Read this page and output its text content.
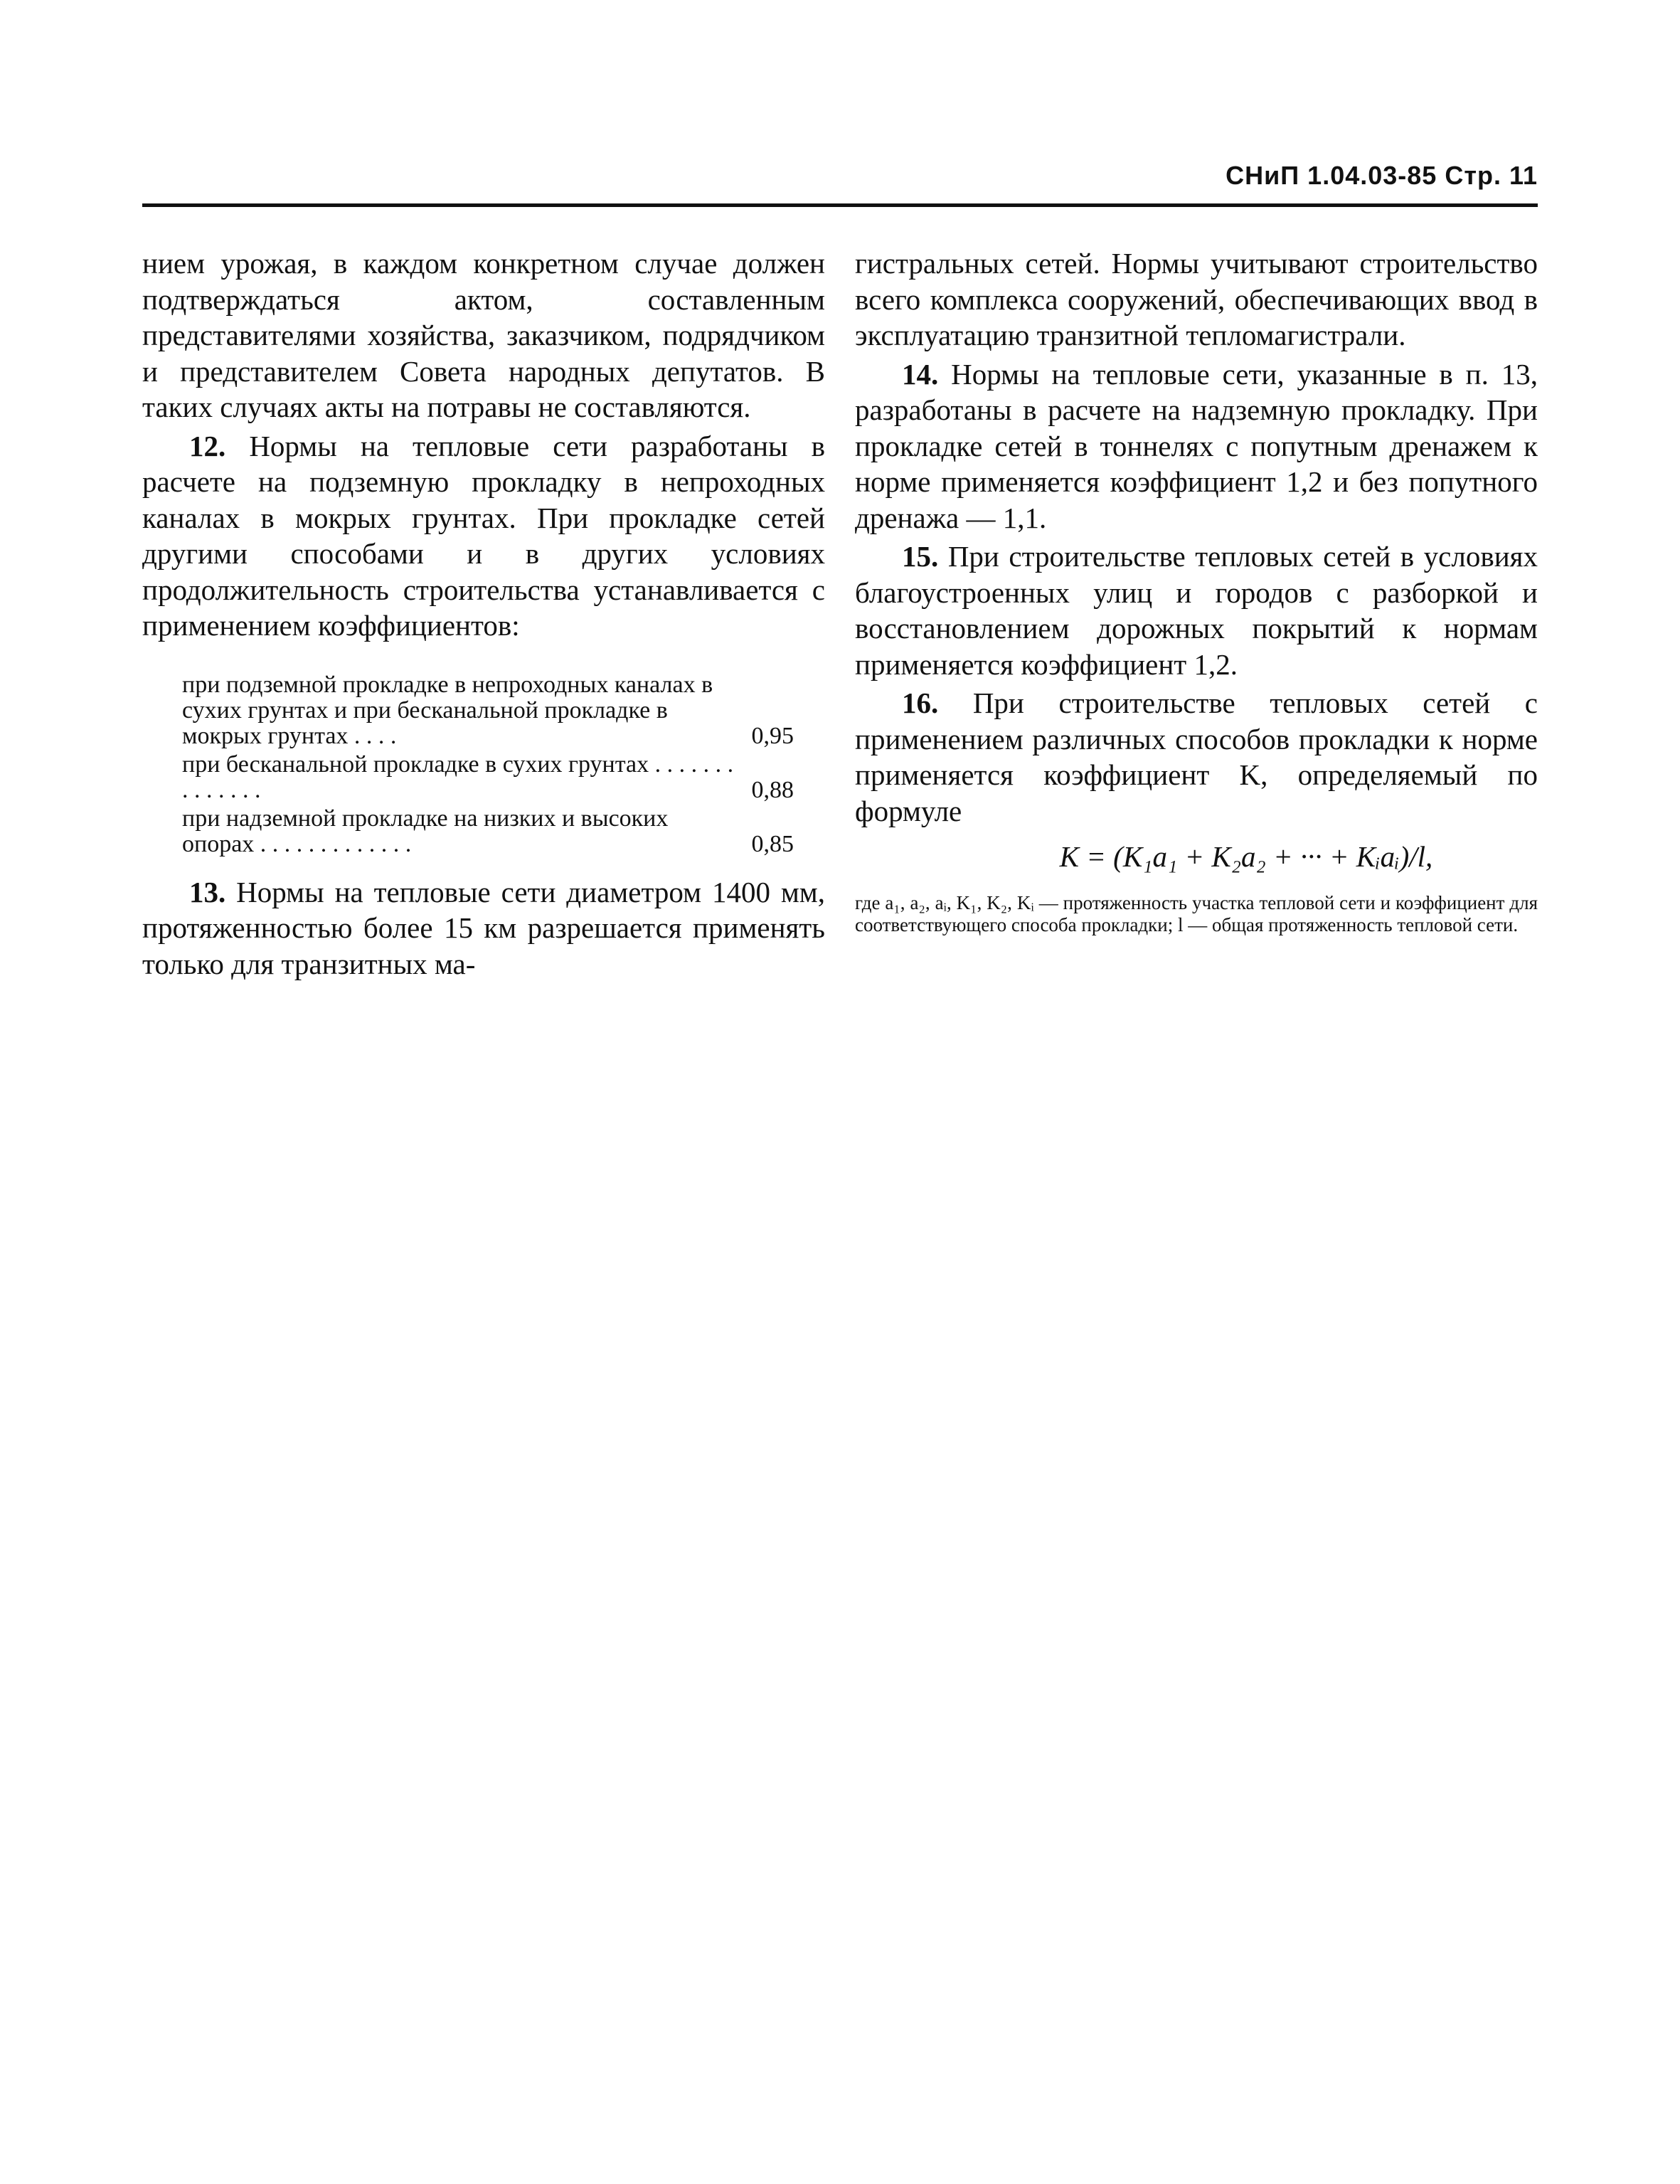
СНиП 1.04.03-85 Стр. 11

нием урожая, в каждом конкретном случае должен подтверждаться актом, составленным представителями хозяйства, заказчиком, подрядчиком и представителем Совета народных депутатов. В таких случаях акты на потравы не составляются.

12. Нормы на тепловые сети разработаны в расчете на подземную прокладку в непроходных каналах в мокрых грунтах. При прокладке сетей другими способами и в других условиях продолжительность строительства устанавливается с применением коэффициентов:

при подземной прокладке в непроходных каналах в сухих грунтах и при бесканальной прокладке в мокрых грунтах . . . .	0,95
при бесканальной прокладке в сухих грунтах . . . . . . . . . . . . . .	0,88
при надземной прокладке на низких и высоких опорах . . . . . . . . . . . . .	0,85

13. Нормы на тепловые сети диаметром 1400 мм, протяженностью более 15 км разрешается применять только для транзитных ма-

гистральных сетей. Нормы учитывают строительство всего комплекса сооружений, обеспечивающих ввод в эксплуатацию транзитной тепломагистрали.

14. Нормы на тепловые сети, указанные в п. 13, разработаны в расчете на надземную прокладку. При прокладке сетей в тоннелях с попутным дренажем к норме применяется коэффициент 1,2 и без попутного дренажа — 1,1.

15. При строительстве тепловых сетей в условиях благоустроенных улиц и городов с разборкой и восстановлением дорожных покрытий к нормам применяется коэффициент 1,2.

16. При строительстве тепловых сетей с применением различных способов прокладки к норме применяется коэффициент K, определяемый по формуле

K = (K₁a₁ + K₂a₂ + ··· + Kᵢaᵢ)/l,
где a₁, a₂, aᵢ, K₁, K₂, Kᵢ — протяженность участка тепловой сети и коэффициент для соответствующего способа прокладки; l — общая протяженность тепловой сети.
